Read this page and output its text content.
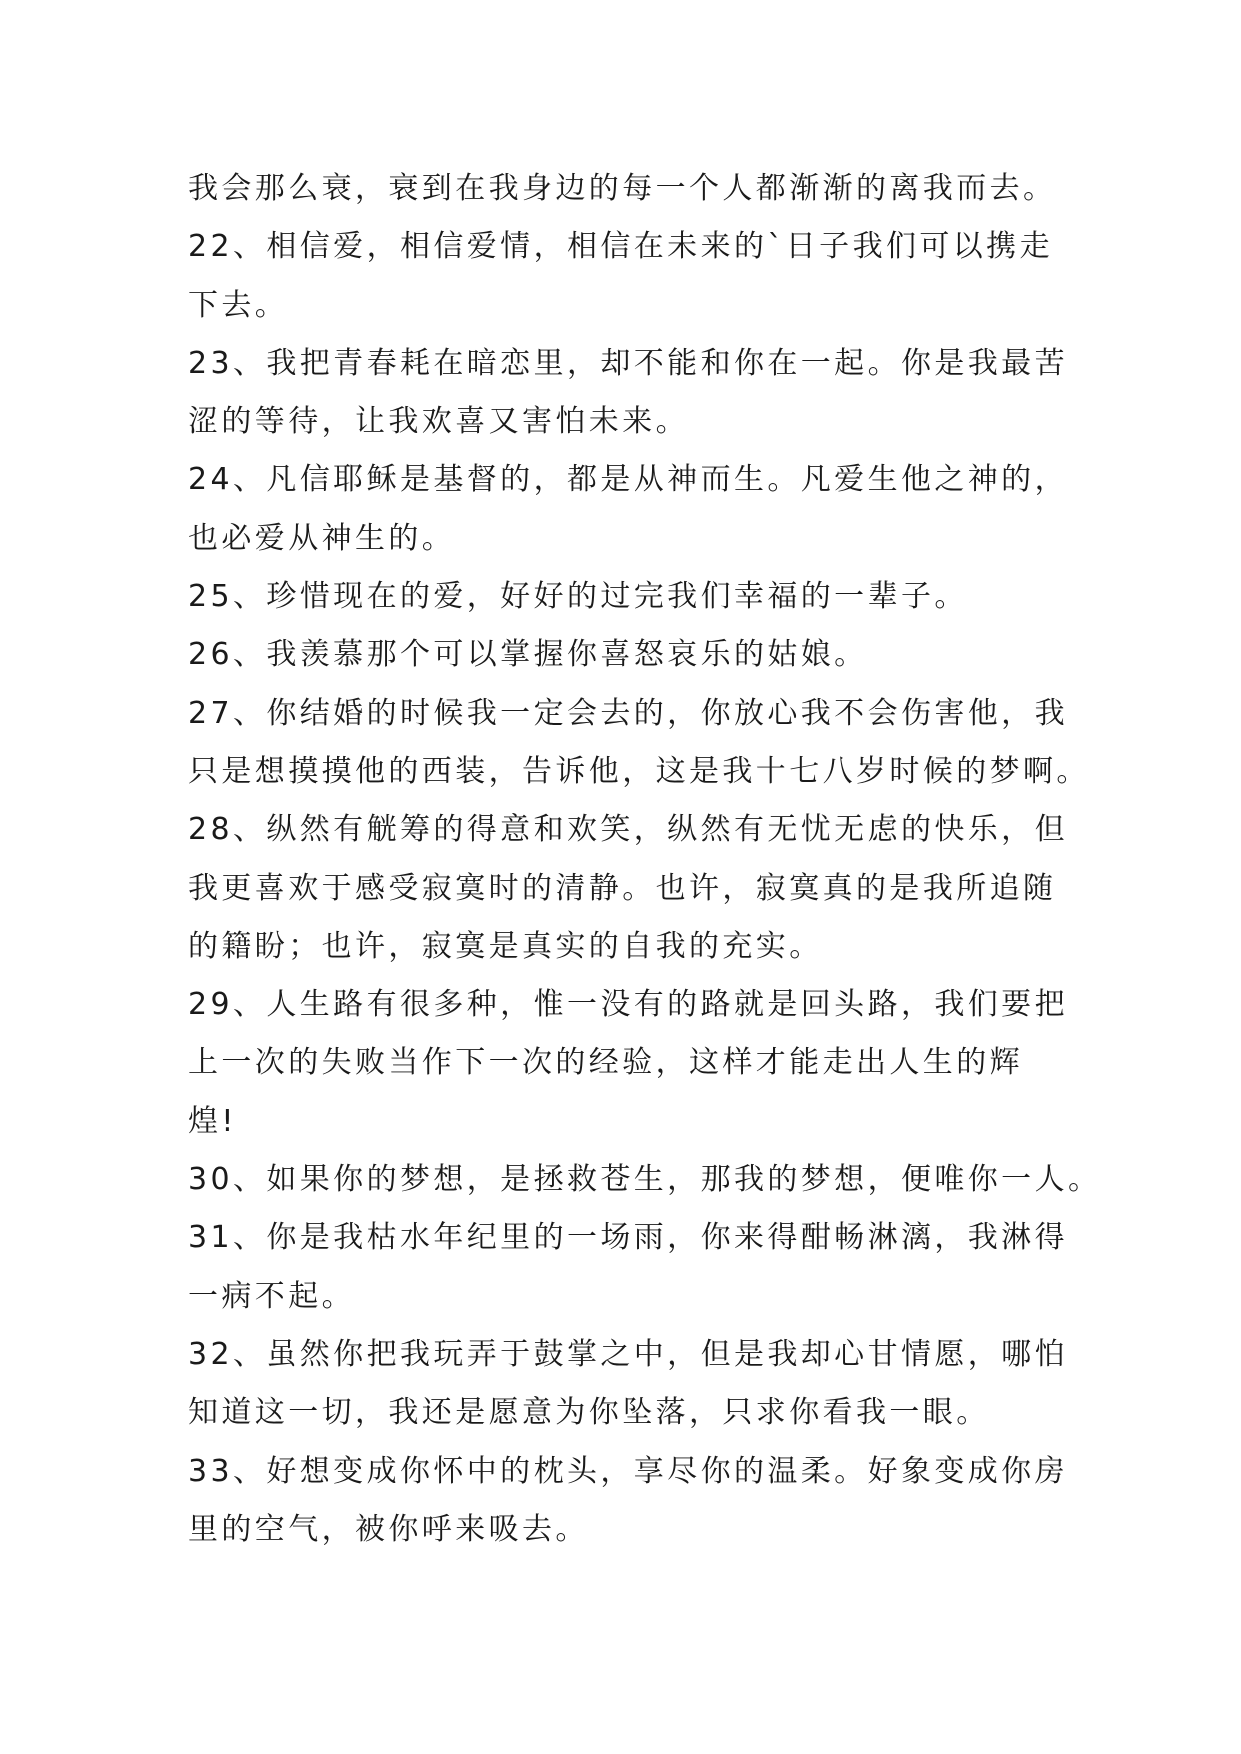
我会那么衰，衰到在我身边的每一个人都渐渐的离我而去。
22、相信爱，相信爱情，相信在未来的`日子我们可以携走
下去。
23、我把青春耗在暗恋里，却不能和你在一起。你是我最苦
涩的等待，让我欢喜又害怕未来。
24、凡信耶稣是基督的，都是从神而生。凡爱生他之神的，
也必爱从神生的。
25、珍惜现在的爱，好好的过完我们幸福的一辈子。
26、我羡慕那个可以掌握你喜怒哀乐的姑娘。
27、你结婚的时候我一定会去的，你放心我不会伤害他，我
只是想摸摸他的西装，告诉他，这是我十七八岁时候的梦啊。
28、纵然有觥筹的得意和欢笑，纵然有无忧无虑的快乐，但
我更喜欢于感受寂寞时的清静。也许，寂寞真的是我所追随
的籍盼；也许，寂寞是真实的自我的充实。
29、人生路有很多种，惟一没有的路就是回头路，我们要把
上一次的失败当作下一次的经验，这样才能走出人生的辉
煌!
30、如果你的梦想，是拯救苍生，那我的梦想，便唯你一人。
31、你是我枯水年纪里的一场雨，你来得酣畅淋漓，我淋得
一病不起。
32、虽然你把我玩弄于鼓掌之中，但是我却心甘情愿，哪怕
知道这一切，我还是愿意为你坠落，只求你看我一眼。
33、好想变成你怀中的枕头，享尽你的温柔。好象变成你房
里的空气，被你呼来吸去。
